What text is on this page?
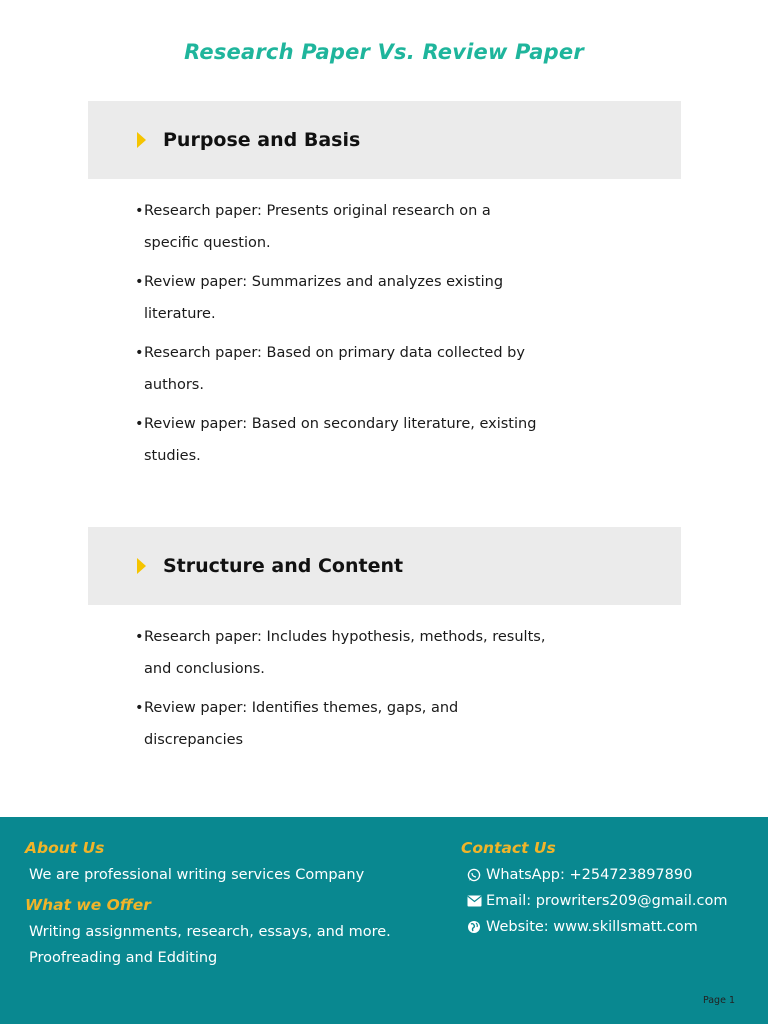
Research Paper Vs. Review Paper
Purpose and Basis
•Research paper: Presents original research on a specific question.
•Review paper: Summarizes and analyzes existing literature.
•Research paper: Based on primary data collected by authors.
•Review paper: Based on secondary literature, existing studies.
Structure and Content
•Research paper: Includes hypothesis, methods, results, and conclusions.
•Review paper: Identifies themes, gaps, and discrepancies
About Us
We are professional writing services Company
What we Offer
Writing assignments, research, essays, and more.
Proofreading and Edditing
Contact Us
WhatsApp: +254723897890
Email: prowriters209@gmail.com
Website: www.skillsmatt.com
Page 1
